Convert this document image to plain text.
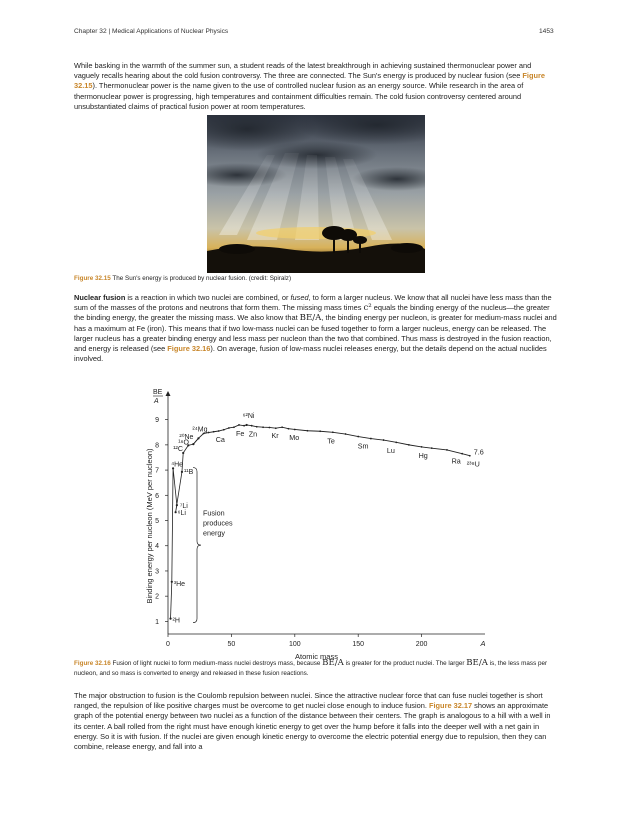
Chapter 32 | Medical Applications of Nuclear Physics	1453

While basking in the warmth of the summer sun, a student reads of the latest breakthrough in achieving sustained thermonuclear power and vaguely recalls hearing about the cold fusion controversy. The three are connected. The Sun's energy is produced by nuclear fusion (see Figure 32.15). Thermonuclear power is the name given to the use of controlled nuclear fusion as an energy source. While research in the area of thermonuclear power is progressing, high temperatures and containment difficulties remain. The cold fusion controversy centered around unsubstantiated claims of practical fusion power at room temperatures.

Figure 32.15 The Sun's energy is produced by nuclear fusion. (credit: Spiralz)

Nuclear fusion is a reaction in which two nuclei are combined, or fused, to form a larger nucleus. We know that all nuclei have less mass than the sum of the masses of the protons and neutrons that form them. The missing mass times c² equals the binding energy of the nucleus—the greater the binding energy, the greater the missing mass. We also know that BE/A, the binding energy per nucleon, is greater for medium-mass nuclei and has a maximum at Fe (iron). This means that if two low-mass nuclei can be fused together to form a larger nucleus, energy can be released. The larger nucleus has a greater binding energy and less mass per nucleon than the two that combined. Thus mass is destroyed in the fusion reaction, and energy is released (see Figure 32.16). On average, fusion of low-mass nuclei releases energy, but the details depend on the actual nuclides involved.

1
2
3
4
5
6
7
8
9
0	50	100	150	200	A
Atomic mass
Binding energy per nucleon (MeV per nucleon)
BE
A
²H
³He
⁴He
⁶Li
⁷Li
¹¹B
¹²C
¹⁶O
²⁰Ne
²⁴Mg
⁶²Ni
Ca
Fe Zn Kr Mo	Te
Sm
Lu
Hg
Ra ²³⁸U
7.6
Fusion
produces
energy

Figure 32.16 Fusion of light nuclei to form medium-mass nuclei destroys mass, because BE/A is greater for the product nuclei. The larger BE/A is, the less mass per nucleon, and so mass is converted to energy and released in these fusion reactions.

The major obstruction to fusion is the Coulomb repulsion between nuclei. Since the attractive nuclear force that can fuse nuclei together is short ranged, the repulsion of like positive charges must be overcome to get nuclei close enough to induce fusion. Figure 32.17 shows an approximate graph of the potential energy between two nuclei as a function of the distance between their centers. The graph is analogous to a hill with a well in its center. A ball rolled from the right must have enough kinetic energy to get over the hump before it falls into the deeper well with a net gain in energy. So it is with fusion. If the nuclei are given enough kinetic energy to overcome the electric potential energy due to repulsion, then they can combine, release energy, and fall into a
